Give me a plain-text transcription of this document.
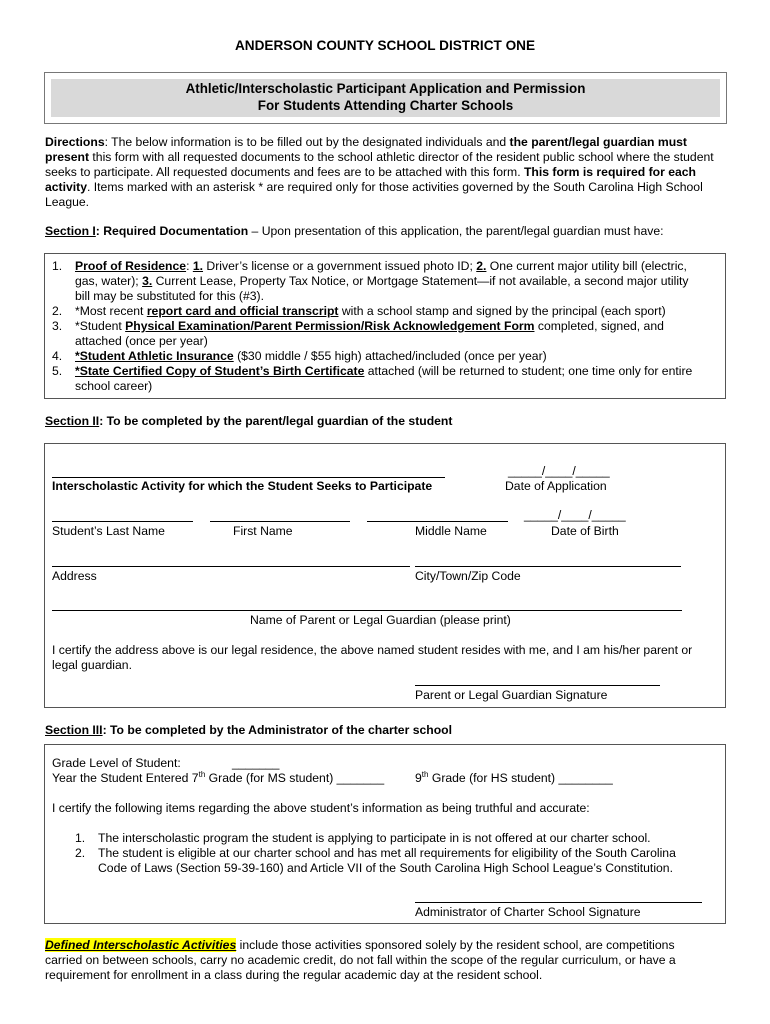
ANDERSON COUNTY SCHOOL DISTRICT ONE
Athletic/Interscholastic Participant Application and Permission
For Students Attending Charter Schools
Directions: The below information is to be filled out by the designated individuals and the parent/legal guardian must
present this form with all requested documents to the school athletic director of the resident public school where the student
seeks to participate. All requested documents and fees are to be attached with this form. This form is required for each
activity. Items marked with an asterisk * are required only for those activities governed by the South Carolina High School
League.
Section I: Required Documentation – Upon presentation of this application, the parent/legal guardian must have:
1.	Proof of Residence: 1. Driver’s license or a government issued photo ID; 2. One current major utility bill (electric,
gas, water); 3. Current Lease, Property Tax Notice, or Mortgage Statement—if not available, a second major utility
bill may be substituted for this (#3).
2.	*Most recent report card and official transcript with a school stamp and signed by the principal (each sport)
3.	*Student Physical Examination/Parent Permission/Risk Acknowledgement Form completed, signed, and
attached (once per year)
4.	*Student Athletic Insurance ($30 middle / $55 high) attached/included (once per year)
5.	*State Certified Copy of Student’s Birth Certificate attached (will be returned to student; one time only for entire
school career)
Section II: To be completed by the parent/legal guardian of the student
_____/____/_____
Interscholastic Activity for which the Student Seeks to Participate	Date of Application
_____/____/_____
Student’s Last Name	First Name	Middle Name	Date of Birth
Address	City/Town/Zip Code
Name of Parent or Legal Guardian (please print)
I certify the address above is our legal residence, the above named student resides with me, and I am his/her parent or
legal guardian.
Parent or Legal Guardian Signature
Section III: To be completed by the Administrator of the charter school
Grade Level of Student:	_______
Year the Student Entered 7th Grade (for MS student) _______	9th Grade (for HS student) ________
I certify the following items regarding the above student’s information as being truthful and accurate:
1.	The interscholastic program the student is applying to participate in is not offered at our charter school.
2.	The student is eligible at our charter school and has met all requirements for eligibility of the South Carolina
Code of Laws (Section 59-39-160) and Article VII of the South Carolina High School League’s Constitution.
Administrator of Charter School Signature
Defined Interscholastic Activities include those activities sponsored solely by the resident school, are competitions
carried on between schools, carry no academic credit, do not fall within the scope of the regular curriculum, or have a
requirement for enrollment in a class during the regular academic day at the resident school.
